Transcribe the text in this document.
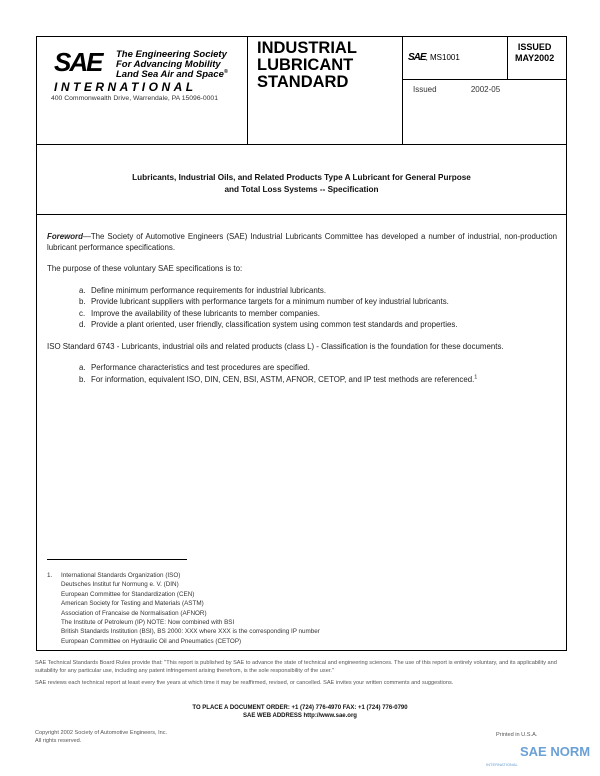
SAE The Engineering Society
For Advancing Mobility
Land Sea Air and Space®
INTERNATIONAL
400 Commonwealth Drive, Warrendale, PA 15096-0001
INDUSTRIAL
LUBRICANT
STANDARD
SAE, MS1001
ISSUED
MAY2002
Issued	2002-05
Lubricants, Industrial Oils, and Related Products Type A Lubricant for General Purpose
and Total Loss Systems -- Specification

Foreword—The Society of Automotive Engineers (SAE) Industrial Lubricants Committee has developed a number of industrial, non-production lubricant performance specifications.

The purpose of these voluntary SAE specifications is to:

a. Define minimum performance requirements for industrial lubricants.
b. Provide lubricant suppliers with performance targets for a minimum number of key industrial lubricants.
c. Improve the availability of these lubricants to member companies.
d. Provide a plant oriented, user friendly, classification system using common test standards and properties.

ISO Standard 6743 - Lubricants, industrial oils and related products (class L) - Classification is the foundation for these documents.

a. Performance characteristics and test procedures are specified.
b. For information, equivalent ISO, DIN, CEN, BSI, ASTM, AFNOR, CETOP, and IP test methods are referenced.$^1$
1.	International Standards Organization (ISO)
Deutsches Institut fur Normung e. V. (DIN)
European Committee for Standardization (CEN)
American Society for Testing and Materials (ASTM)
Association of Francaise de Normalisation (AFNOR)
The Institute of Petroleum (IP) NOTE: Now combined with BSI
British Standards Institution (BSI), BS 2000: XXX where XXX is the corresponding IP number
European Committee on Hydraulic Oil and Pneumatics (CETOP)

SAE Technical Standards Board Rules provide that: "This report is published by SAE to advance the state of technical and engineering sciences. The use of this report is entirely voluntary, and its applicability and suitability for any particular use, including any patent infringement arising therefrom, is the sole responsibility of the user."

SAE reviews each technical report at least every five years at which time it may be reaffirmed, revised, or cancelled. SAE invites your written comments and suggestions.

TO PLACE A DOCUMENT ORDER: +1 (724) 776-4970 FAX: +1 (724) 776-0790
SAE WEB ADDRESS http://www.sae.org
Copyright 2002 Society of Automotive Engineers, Inc.
All rights reserved.
Printed in U.S.A.
SAE NORM
INTERNATIONAL
